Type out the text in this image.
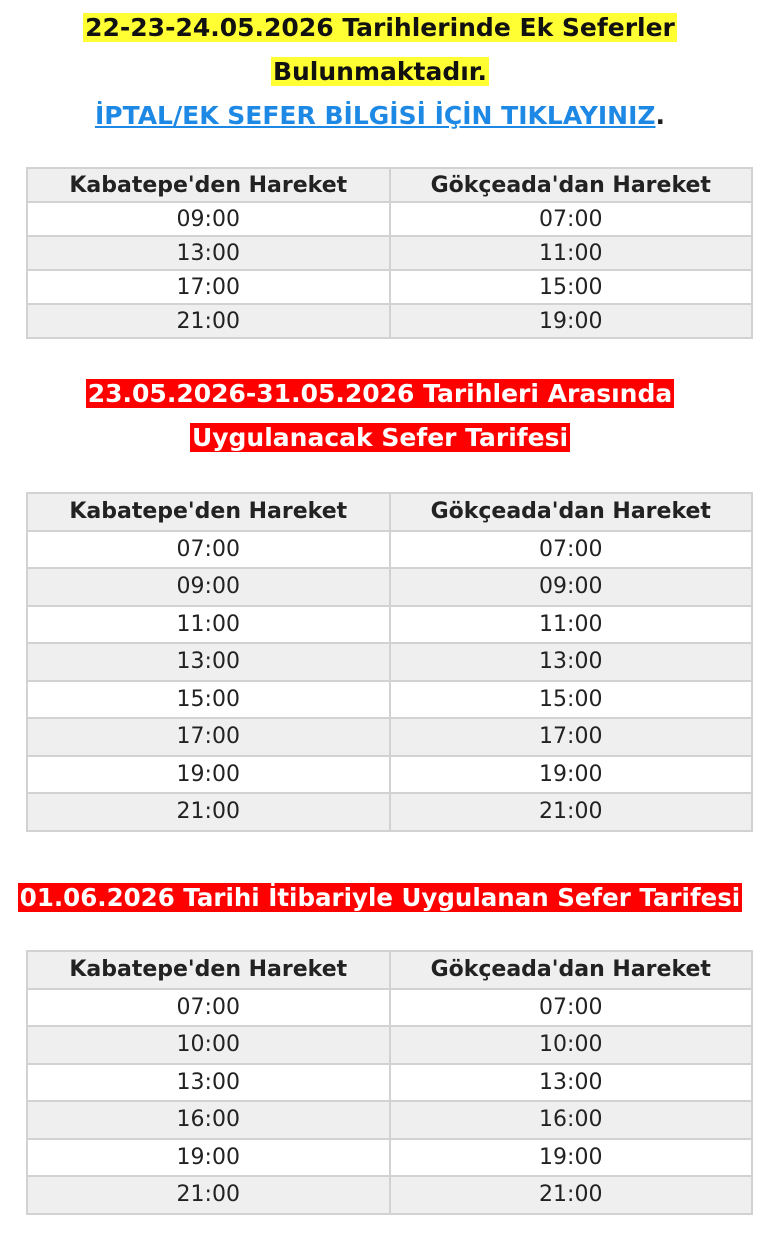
22-23-24.05.2026 Tarihlerinde Ek Seferler
Bulunmaktadır.
İPTAL/EK SEFER BİLGİSİ İÇİN TIKLAYINIZ.
Kabatepe'den Hareket	Gökçeada'dan Hareket
09:00	07:00
13:00	11:00
17:00	15:00
21:00	19:00
23.05.2026-31.05.2026 Tarihleri Arasında
Uygulanacak Sefer Tarifesi
Kabatepe'den Hareket	Gökçeada'dan Hareket
07:00	07:00
09:00	09:00
11:00	11:00
13:00	13:00
15:00	15:00
17:00	17:00
19:00	19:00
21:00	21:00
01.06.2026 Tarihi İtibariyle Uygulanan Sefer Tarifesi
Kabatepe'den Hareket	Gökçeada'dan Hareket
07:00	07:00
10:00	10:00
13:00	13:00
16:00	16:00
19:00	19:00
21:00	21:00
